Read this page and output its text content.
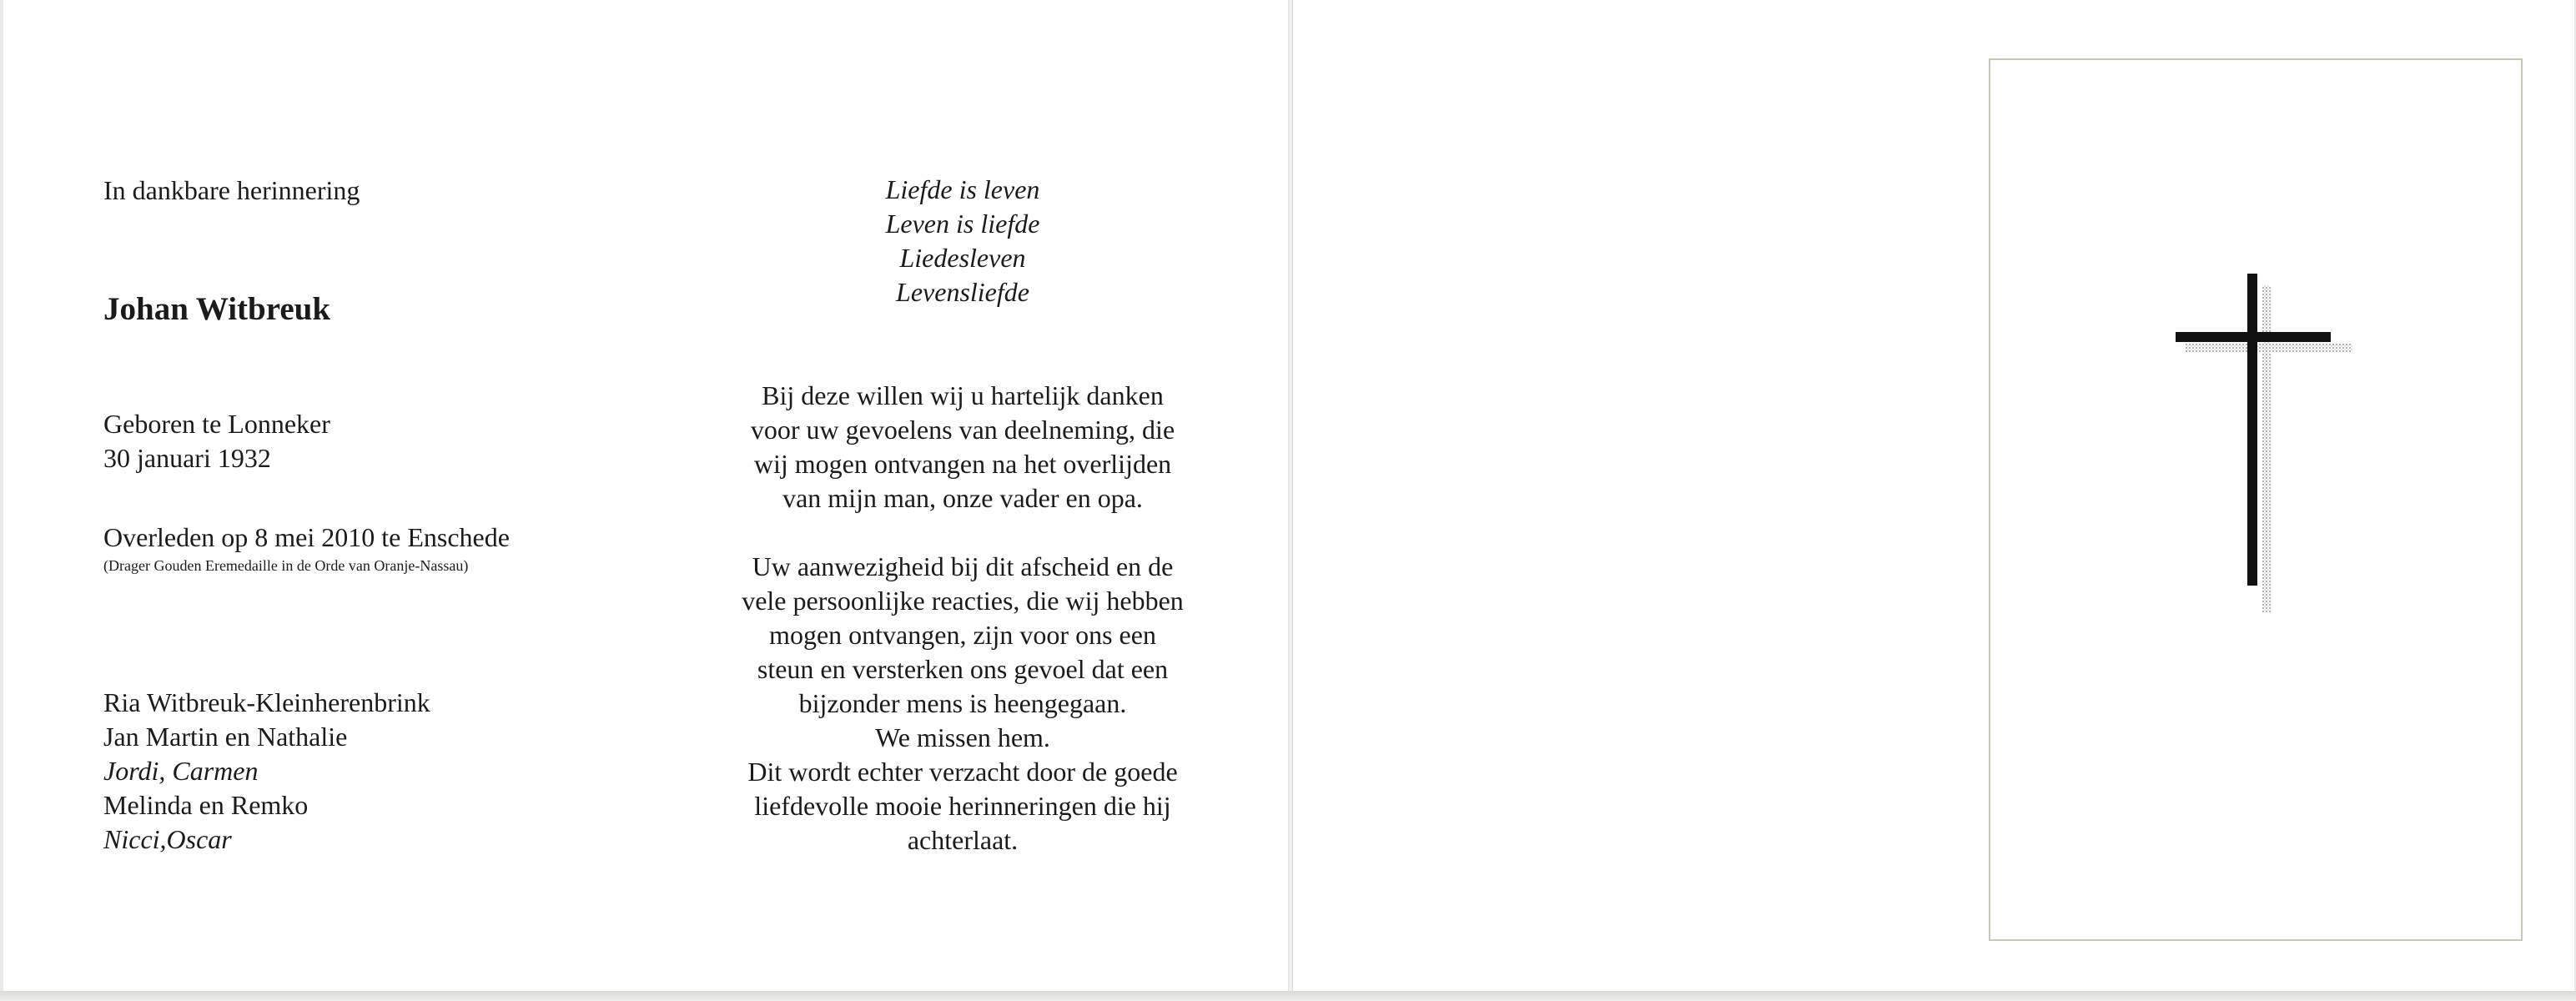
In dankbare herinnering
Johan Witbreuk
Geboren te Lonneker
30 januari 1932
Overleden op 8 mei 2010 te Enschede
(Drager Gouden Eremedaille in de Orde van Oranje-Nassau)
Ria Witbreuk-Kleinherenbrink
Jan Martin en Nathalie
Jordi, Carmen
Melinda en Remko
Nicci,Oscar
Liefde is leven
Leven is liefde
Liedesleven
Levensliefde
Bij deze willen wij u hartelijk danken
voor uw gevoelens van deelneming, die
wij mogen ontvangen na het overlijden
van mijn man, onze vader en opa.
Uw aanwezigheid bij dit afscheid en de
vele persoonlijke reacties, die wij hebben
mogen ontvangen, zijn voor ons een
steun en versterken ons gevoel dat een
bijzonder mens is heengegaan.
We missen hem.
Dit wordt echter verzacht door de goede
liefdevolle mooie herinneringen die hij
achterlaat.
